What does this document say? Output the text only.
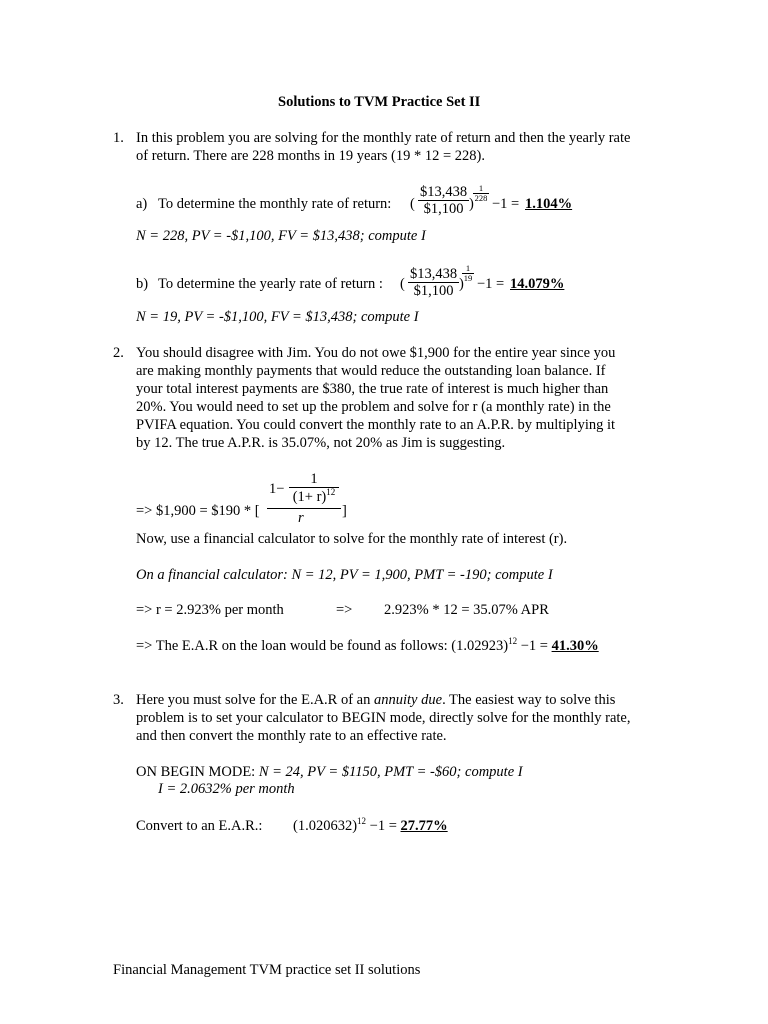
Solutions to TVM Practice Set II
1. In this problem you are solving for the monthly rate of return and then the yearly rate
of return. There are 228 months in 19 years (19 * 12 = 228).
a) To determine the monthly rate of return: ( $\frac{\$13,438}{\$1,100}$ )
1
228 −1 = 1.104%
N = 228, PV = -$1,100, FV = $13,438; compute I
b) To determine the yearly rate of return : ( $\frac{\$13,438}{\$1,100}$ )
1
19 −1 = 14.079%
N = 19, PV = -$1,100, FV = $13,438; compute I
2. You should disagree with Jim. You do not owe $1,900 for the entire year since you
are making monthly payments that would reduce the outstanding loan balance. If
your total interest payments are $380, the true rate of interest is much higher than
20%. You would need to set up the problem and solve for r (a monthly rate) in the
PVIFA equation. You could convert the monthly rate to an A.P.R. by multiplying it
by 12. The true A.P.R. is 35.07%, not 20% as Jim is suggesting.
=> $1,900 = $190 * [
1−
1
$(1+ r)^{12}$
r	]
Now, use a financial calculator to solve for the monthly rate of interest (r).
On a financial calculator: N = 12, PV = 1,900, PMT = -190; compute I
=> r = 2.923% per month	=> 2.923% * 12 = 35.07% APR
=> The E.A.R on the loan would be found as follows: $(1.02923)^{12} -1 = 41.30\%$
3. Here you must solve for the E.A.R of an annuity due. The easiest way to solve this
problem is to set your calculator to BEGIN mode, directly solve for the monthly rate,
and then convert the monthly rate to an effective rate.
ON BEGIN MODE: N = 24, PV = $1150, PMT = -$60; compute I
I = 2.0632% per month
Convert to an E.A.R.: $(1.020632)^{12} -1 = 27.77\%$
Financial Management TVM practice set II solutions
